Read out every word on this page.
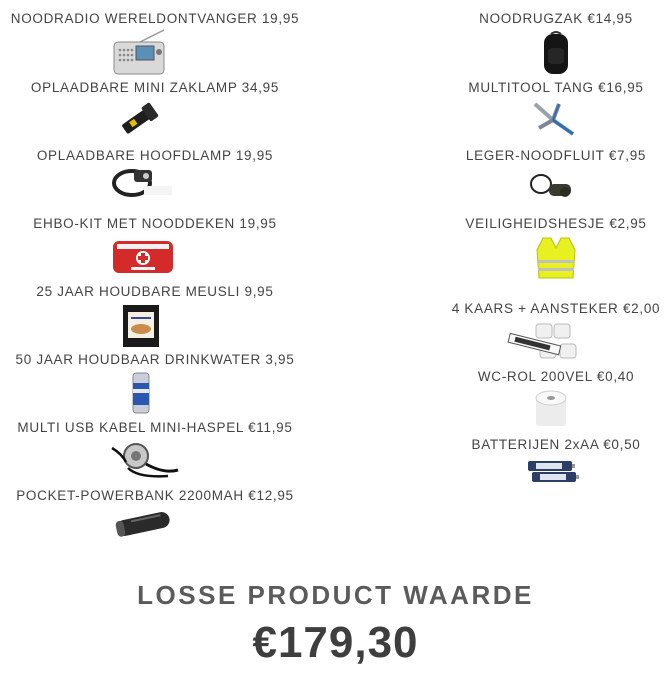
NOODRADIO WERELDONTVANGER 19,95
OPLAADBARE MINI ZAKLAMP 34,95
OPLAADBARE HOOFDLAMP 19,95
EHBO-KIT MET NOODDEKEN 19,95
25 JAAR HOUDBARE MEUSLI 9,95
50 JAAR HOUDBAAR DRINKWATER 3,95
MULTI USB KABEL MINI-HASPEL €11,95
POCKET-POWERBANK 2200MAH €12,95
NOODRUGZAK €14,95
MULTITOOL TANG €16,95
LEGER-NOODFLUIT €7,95
VEILIGHEIDSHESJE €2,95
4 KAARS + AANSTEKER €2,00
WC-ROL 200VEL €0,40
BATTERIJEN 2xAA €0,50
LOSSE PRODUCT WAARDE
€179,30
